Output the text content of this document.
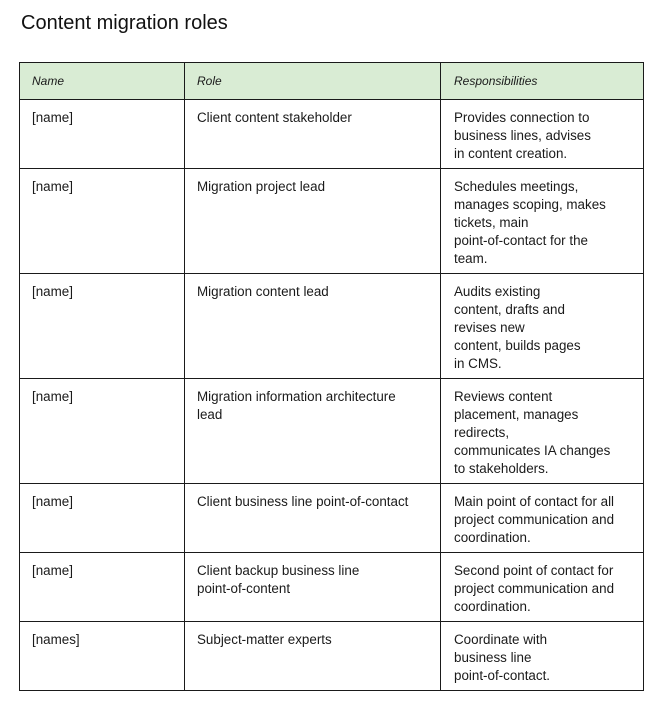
Content migration roles
Name	Role	Responsibilities

[name]	Client content stakeholder	Provides connection to
business lines, advises
in content creation.

[name]	Migration project lead	Schedules meetings,
manages scoping, makes
tickets, main
point-of-contact for the
team.

[name]	Migration content lead	Audits existing
content, drafts and
revises new
content, builds pages
in CMS.

[name]	Migration information architecture
lead	Reviews content
placement, manages
redirects,
communicates IA changes
to stakeholders.

[name]	Client business line point-of-contact	Main point of contact for all
project communication and
coordination.

[name]	Client backup business line
point-of-content	Second point of contact for
project communication and
coordination.

[names]	Subject-matter experts	Coordinate with
business line
point-of-contact.
